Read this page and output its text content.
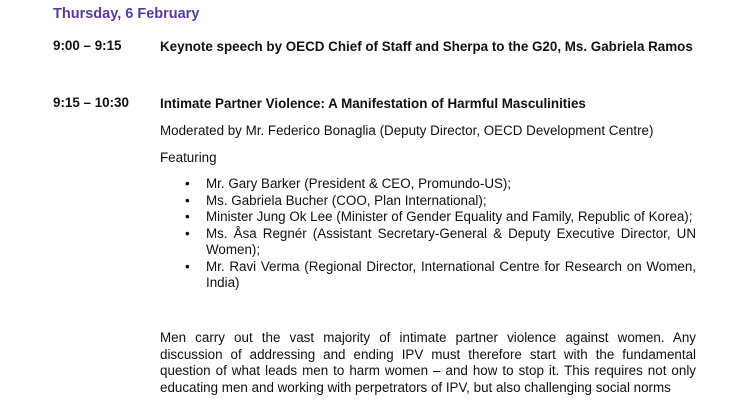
Thursday, 6 February
9:00 – 9:15	Keynote speech by OECD Chief of Staff and Sherpa to the G20, Ms. Gabriela Ramos
9:15 – 10:30 Intimate Partner Violence: A Manifestation of Harmful Masculinities
Moderated by Mr. Federico Bonaglia (Deputy Director, OECD Development Centre)
Featuring
• Mr. Gary Barker (President & CEO, Promundo-US);
• Ms. Gabriela Bucher (COO, Plan International);
• Minister Jung Ok Lee (Minister of Gender Equality and Family, Republic of Korea);
• Ms. Åsa Regnér (Assistant Secretary-General & Deputy Executive Director, UN Women);
• Mr. Ravi Verma (Regional Director, International Centre for Research on Women, India)
Men carry out the vast majority of intimate partner violence against women. Any discussion of addressing and ending IPV must therefore start with the fundamental question of what leads men to harm women – and how to stop it. This requires not only educating men and working with perpetrators of IPV, but also challenging social norms
